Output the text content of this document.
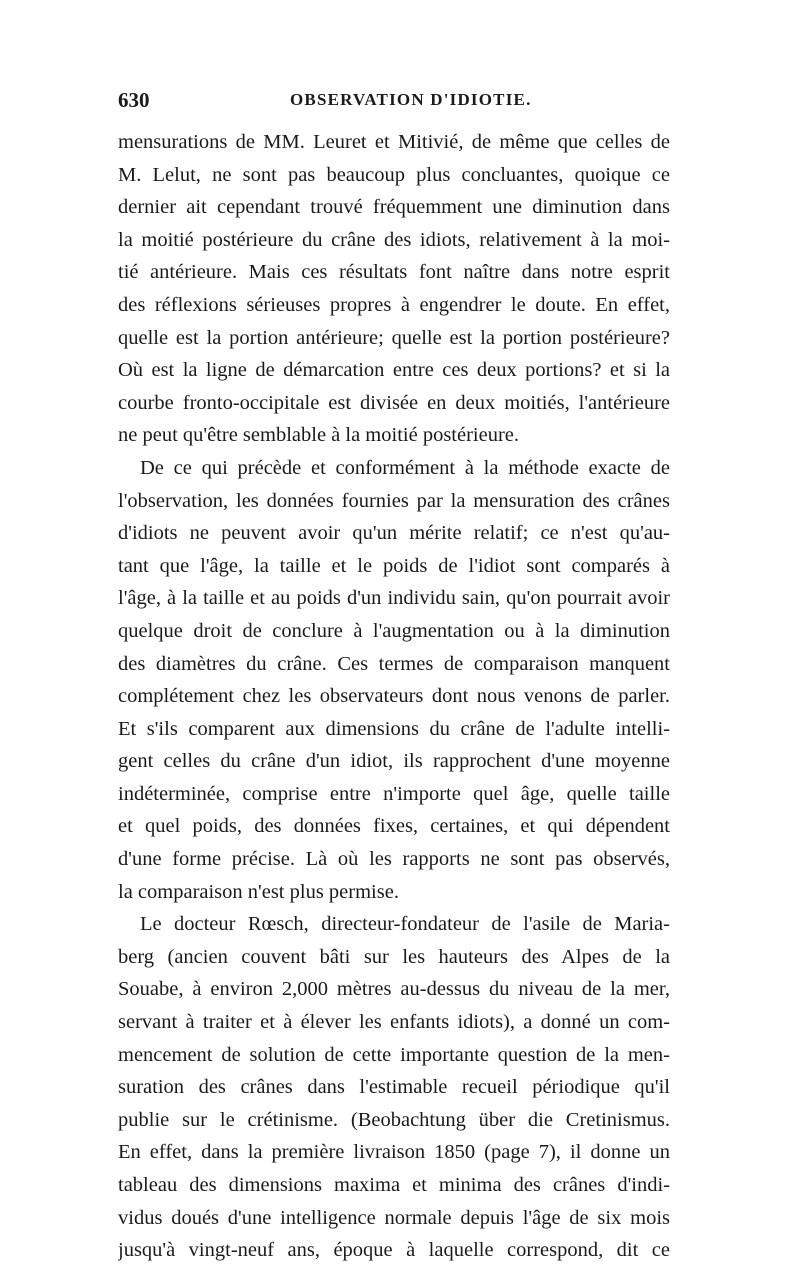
630	OBSERVATION D'IDIOTIE.
mensurations de MM. Leuret et Mitivié, de même que celles de
M. Lelut, ne sont pas beaucoup plus concluantes, quoique ce
dernier ait cependant trouvé fréquemment une diminution dans
la moitié postérieure du crâne des idiots, relativement à la moi-
tié antérieure. Mais ces résultats font naître dans notre esprit
des réflexions sérieuses propres à engendrer le doute. En effet,
quelle est la portion antérieure; quelle est la portion postérieure?
Où est la ligne de démarcation entre ces deux portions? et si la
courbe fronto-occipitale est divisée en deux moitiés, l'antérieure
ne peut qu'être semblable à la moitié postérieure.
De ce qui précède et conformément à la méthode exacte de
l'observation, les données fournies par la mensuration des crânes
d'idiots ne peuvent avoir qu'un mérite relatif; ce n'est qu'au-
tant que l'âge, la taille et le poids de l'idiot sont comparés à
l'âge, à la taille et au poids d'un individu sain, qu'on pourrait avoir
quelque droit de conclure à l'augmentation ou à la diminution
des diamètres du crâne. Ces termes de comparaison manquent
complétement chez les observateurs dont nous venons de parler.
Et s'ils comparent aux dimensions du crâne de l'adulte intelli-
gent celles du crâne d'un idiot, ils rapprochent d'une moyenne
indéterminée, comprise entre n'importe quel âge, quelle taille
et quel poids, des données fixes, certaines, et qui dépendent
d'une forme précise. Là où les rapports ne sont pas observés,
la comparaison n'est plus permise.
Le docteur Rœsch, directeur-fondateur de l'asile de Maria-
berg (ancien couvent bâti sur les hauteurs des Alpes de la
Souabe, à environ 2,000 mètres au-dessus du niveau de la mer,
servant à traiter et à élever les enfants idiots), a donné un com-
mencement de solution de cette importante question de la men-
suration des crânes dans l'estimable recueil périodique qu'il
publie sur le crétinisme. (Beobachtung über die Cretinismus.
En effet, dans la première livraison 1850 (page 7), il donne un
tableau des dimensions maxima et minima des crânes d'indi-
vidus doués d'une intelligence normale depuis l'âge de six mois
jusqu'à vingt-neuf ans, époque à laquelle correspond, dit ce
